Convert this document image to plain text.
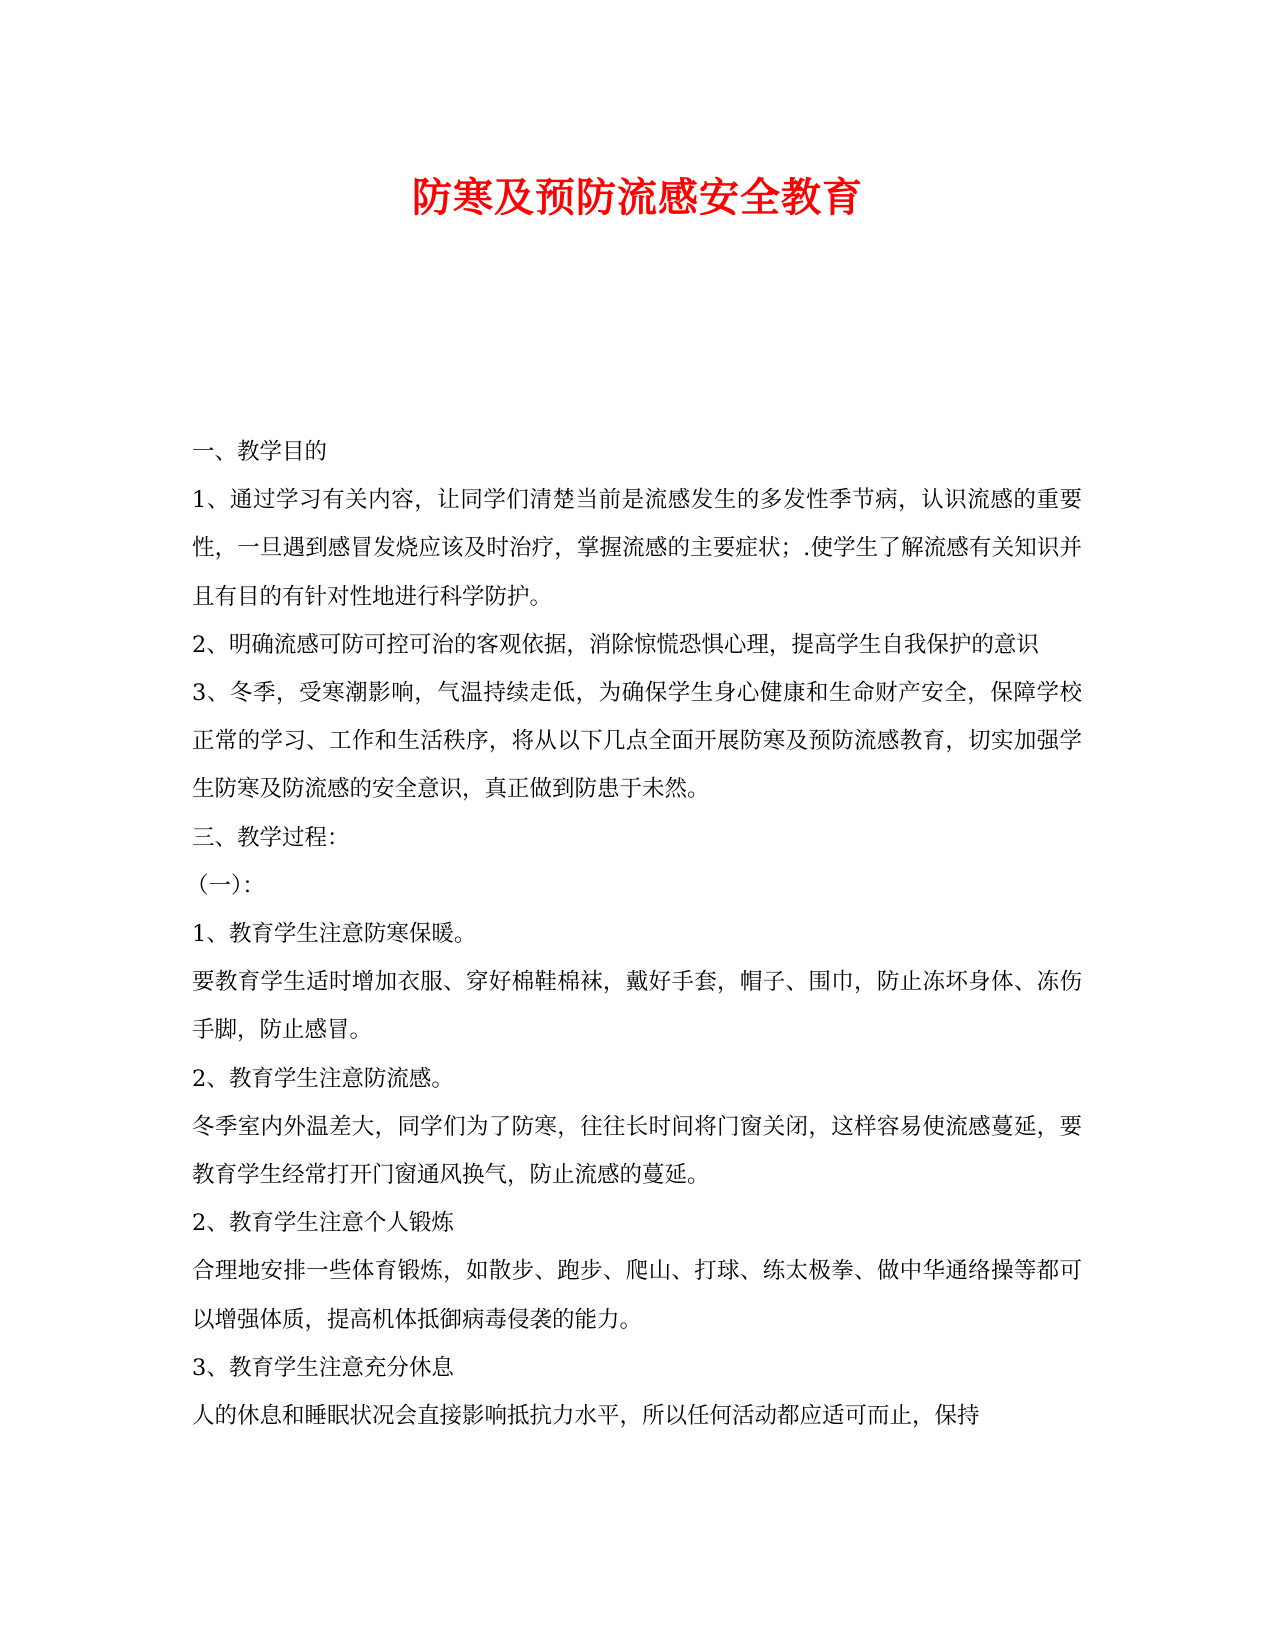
防寒及预防流感安全教育

一、教学目的

1、通过学习有关内容，让同学们清楚当前是流感发生的多发性季节病，认识流感的重要性，一旦遇到感冒发烧应该及时治疗，掌握流感的主要症状；.使学生了解流感有关知识并且有目的有针对性地进行科学防护。

2、明确流感可防可控可治的客观依据，消除惊慌恐惧心理，提高学生自我保护的意识

3、冬季，受寒潮影响，气温持续走低，为确保学生身心健康和生命财产安全，保障学校正常的学习、工作和生活秩序，将从以下几点全面开展防寒及预防流感教育，切实加强学生防寒及防流感的安全意识，真正做到防患于未然。

三、教学过程：

（一）：

1、教育学生注意防寒保暖。

要教育学生适时增加衣服、穿好棉鞋棉袜，戴好手套，帽子、围巾，防止冻坏身体、冻伤手脚，防止感冒。

2、教育学生注意防流感。

冬季室内外温差大，同学们为了防寒，往往长时间将门窗关闭，这样容易使流感蔓延，要教育学生经常打开门窗通风换气，防止流感的蔓延。

2、教育学生注意个人锻炼

合理地安排一些体育锻炼，如散步、跑步、爬山、打球、练太极拳、做中华通络操等都可以增强体质，提高机体抵御病毒侵袭的能力。

3、教育学生注意充分休息

人的休息和睡眠状况会直接影响抵抗力水平，所以任何活动都应适可而止，保持
